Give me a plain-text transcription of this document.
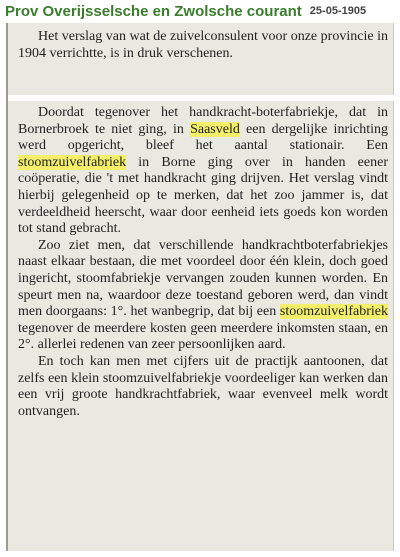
Prov Overijsselsche en Zwolsche courant 25-05-1905

Het verslag van wat de zuivelconsulent voor onze provincie in 1904 verrichtte, is in druk verschenen.

Doordat tegenover het handkracht-boterfabriekje, dat in Bornerbroek te niet ging, in Saasveld een dergelijke inrichting werd opgericht, bleef het aantal stationair. Een stoomzuivelfabriek in Borne ging over in handen eener coöperatie, die 't met handkracht ging drijven. Het verslag vindt hierbij gelegenheid op te merken, dat het zoo jammer is, dat verdeeldheid heerscht, waar door eenheid iets goeds kon worden tot stand gebracht.

Zoo ziet men, dat verschillende handkrachtboterfabriekjes naast elkaar bestaan, die met voordeel door één klein, doch goed ingericht, stoomfabriekje vervangen zouden kunnen worden. En speurt men na, waardoor deze toestand geboren werd, dan vindt men doorgaans: 1°. het wanbegrip, dat bij een stoomzuivelfabriek tegenover de meerdere kosten geen meerdere inkomsten staan, en 2°. allerlei redenen van zeer persoonlijken aard.

En toch kan men met cijfers uit de practijk aantoonen, dat zelfs een klein stoomzuivelfabriekje voordeeliger kan werken dan een vrij groote handkrachtfabriek, waar evenveel melk wordt ontvangen.
